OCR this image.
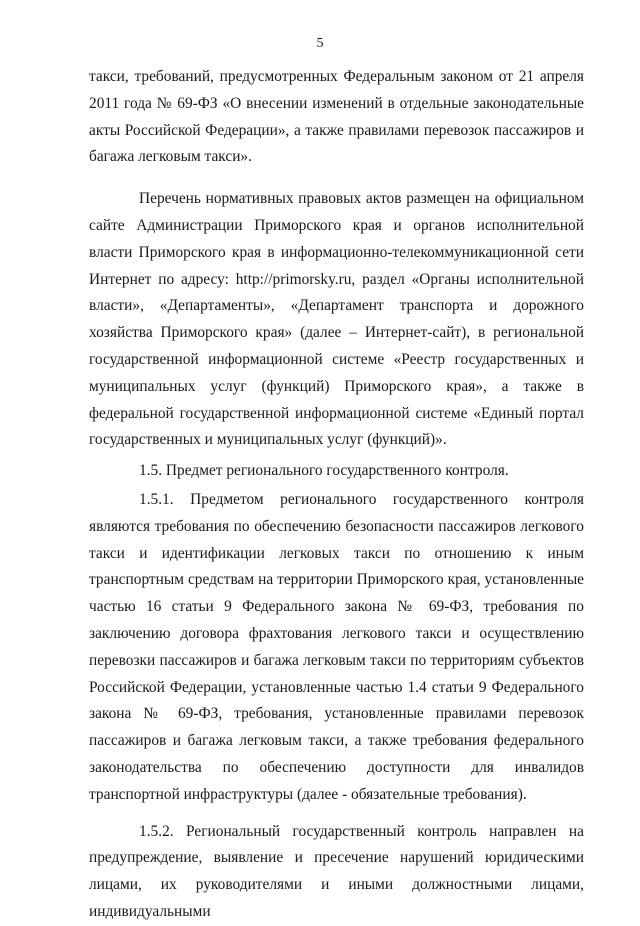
5

такси, требований, предусмотренных Федеральным законом от 21 апреля 2011 года № 69-ФЗ «О внесении изменений в отдельные законодательные акты Российской Федерации», а также правилами перевозок пассажиров и багажа легковым такси».

Перечень нормативных правовых актов размещен на официальном сайте Администрации Приморского края и органов исполнительной власти Приморского края в информационно-телекоммуникационной сети Интернет по адресу: http://primorsky.ru, раздел «Органы исполнительной власти», «Департаменты», «Департамент транспорта и дорожного хозяйства Приморского края» (далее – Интернет-сайт), в региональной государственной информационной системе «Реестр государственных и муниципальных услуг (функций) Приморского края», а также в федеральной государственной информационной системе «Единый портал государственных и муниципальных услуг (функций)».

1.5. Предмет регионального государственного контроля.

1.5.1. Предметом регионального государственного контроля являются требования по обеспечению безопасности пассажиров легкового такси и идентификации легковых такси по отношению к иным транспортным средствам на территории Приморского края, установленные частью 16 статьи 9 Федерального закона № 69-ФЗ, требования по заключению договора фрахтования легкового такси и осуществлению перевозки пассажиров и багажа легковым такси по территориям субъектов Российской Федерации, установленные частью 1.4 статьи 9 Федерального закона № 69-ФЗ, требования, установленные правилами перевозок пассажиров и багажа легковым такси, а также требования федерального законодательства по обеспечению доступности для инвалидов транспортной инфраструктуры (далее - обязательные требования).

1.5.2. Региональный государственный контроль направлен на предупреждение, выявление и пресечение нарушений юридическими лицами, их руководителями и иными должностными лицами, индивидуальными
